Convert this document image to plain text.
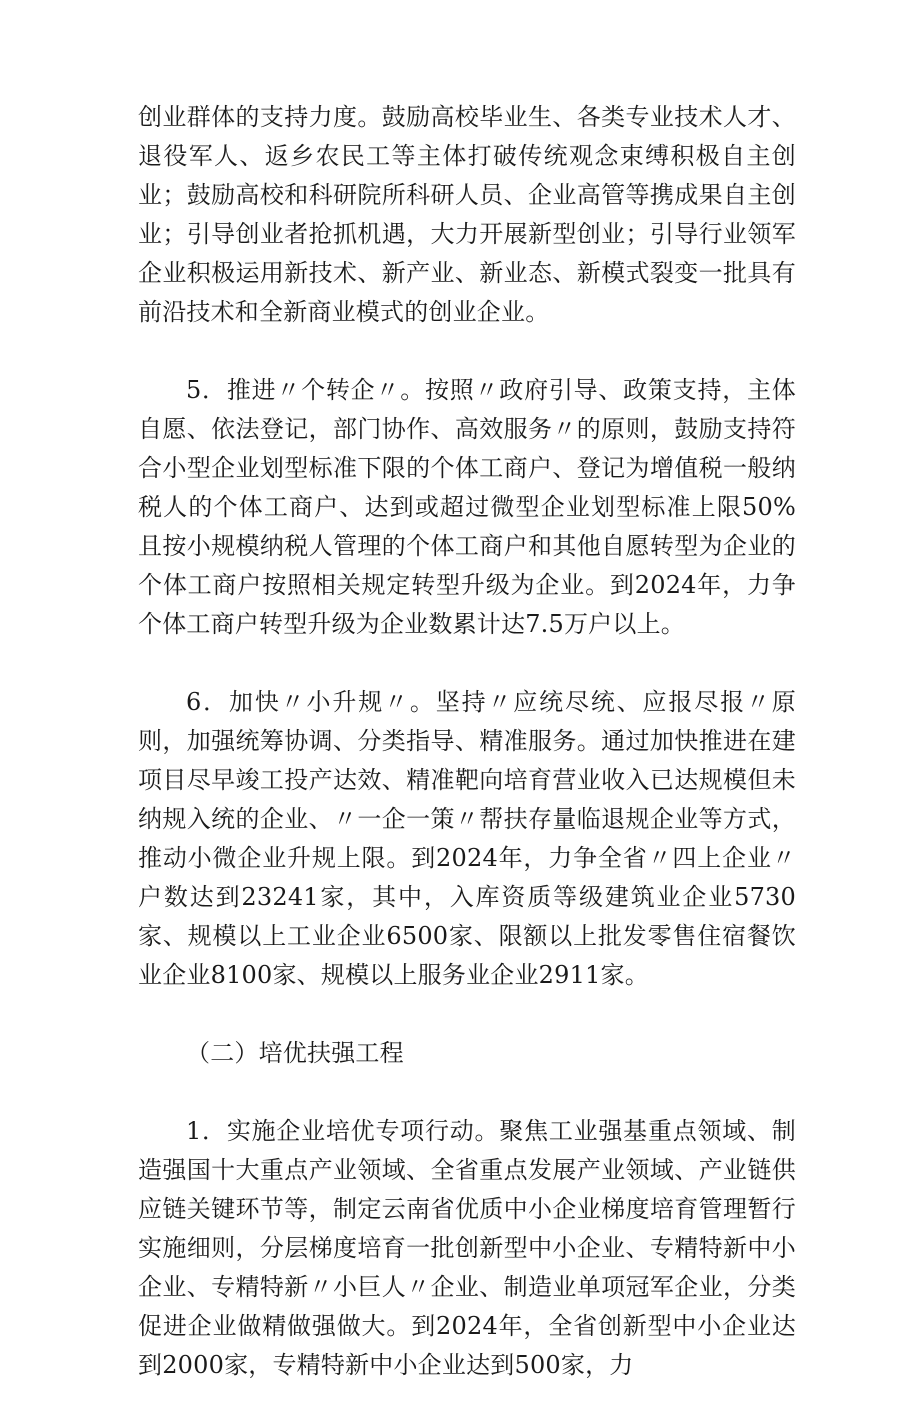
创业群体的支持力度。鼓励高校毕业生、各类专业技术人才、退役军人、返乡农民工等主体打破传统观念束缚积极自主创业；鼓励高校和科研院所科研人员、企业高管等携成果自主创业；引导创业者抢抓机遇，大力开展新型创业；引导行业领军企业积极运用新技术、新产业、新业态、新模式裂变一批具有前沿技术和全新商业模式的创业企业。

5．推进〃个转企〃。按照〃政府引导、政策支持，主体自愿、依法登记，部门协作、高效服务〃的原则，鼓励支持符合小型企业划型标准下限的个体工商户、登记为增值税一般纳税人的个体工商户、达到或超过微型企业划型标准上限50%且按小规模纳税人管理的个体工商户和其他自愿转型为企业的个体工商户按照相关规定转型升级为企业。到2024年，力争个体工商户转型升级为企业数累计达7.5万户以上。

6．加快〃小升规〃。坚持〃应统尽统、应报尽报〃原则，加强统筹协调、分类指导、精准服务。通过加快推进在建项目尽早竣工投产达效、精准靶向培育营业收入已达规模但未纳规入统的企业、〃一企一策〃帮扶存量临退规企业等方式，推动小微企业升规上限。到2024年，力争全省〃四上企业〃户数达到23241家，其中，入库资质等级建筑业企业5730家、规模以上工业企业6500家、限额以上批发零售住宿餐饮业企业8100家、规模以上服务业企业2911家。

（二）培优扶强工程

1．实施企业培优专项行动。聚焦工业强基重点领域、制造强国十大重点产业领域、全省重点发展产业领域、产业链供应链关键环节等，制定云南省优质中小企业梯度培育管理暂行实施细则，分层梯度培育一批创新型中小企业、专精特新中小企业、专精特新〃小巨人〃企业、制造业单项冠军企业，分类促进企业做精做强做大。到2024年，全省创新型中小企业达到2000家，专精特新中小企业达到500家，力
